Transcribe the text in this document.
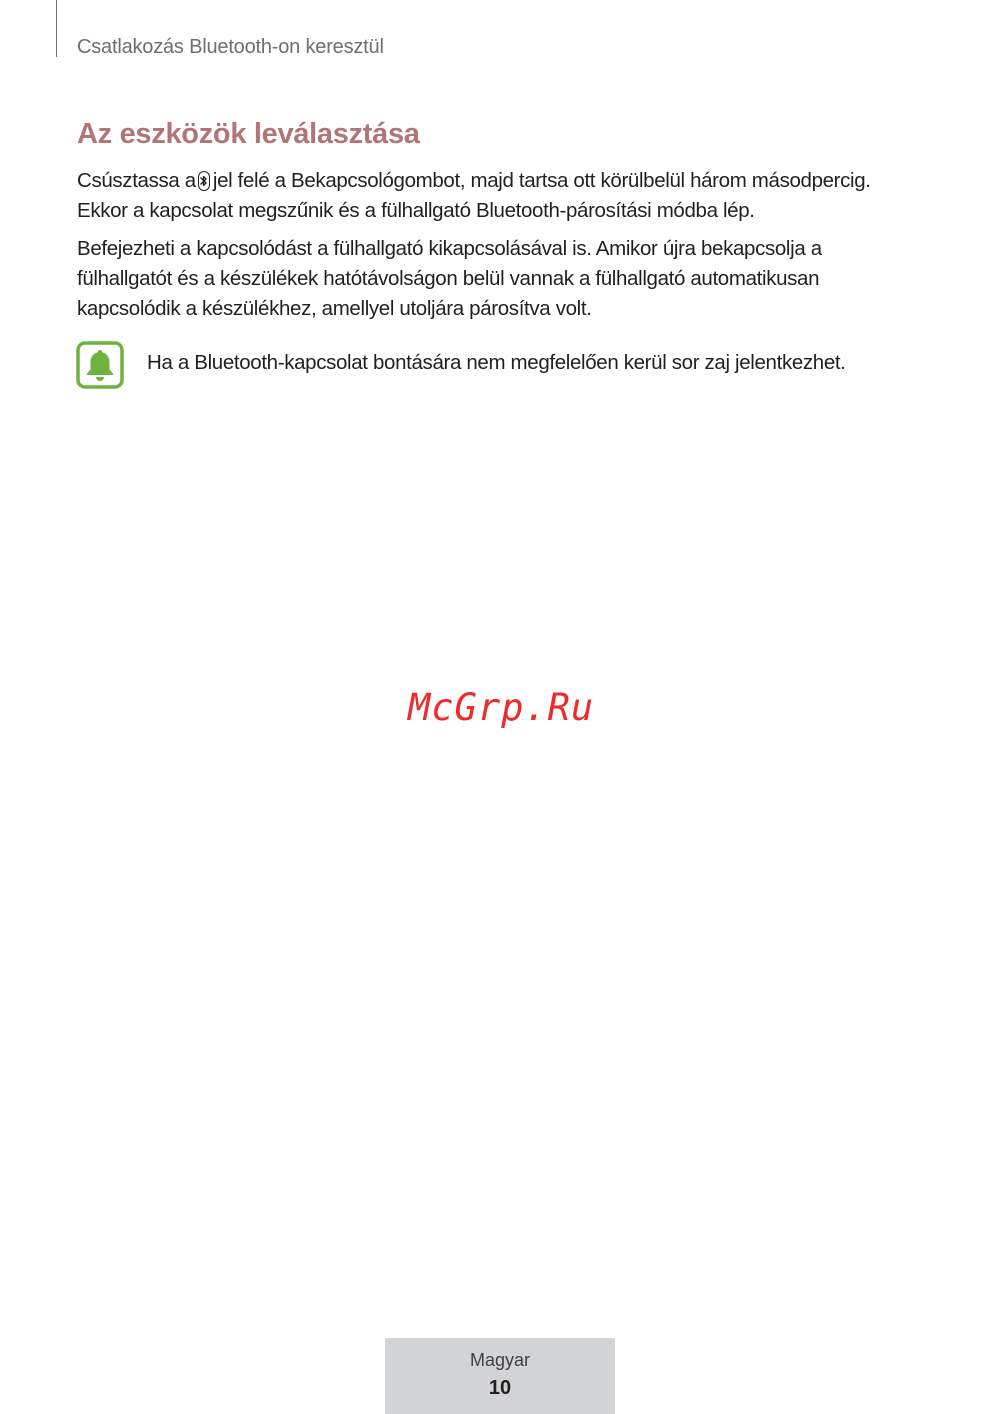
Csatlakozás Bluetooth-on keresztül
Az eszközök leválasztása
Csúsztassa a jel felé a Bekapcsológombot, majd tartsa ott körülbelül három másodpercig.
Ekkor a kapcsolat megszűnik és a fülhallgató Bluetooth-párosítási módba lép.
Befejezheti a kapcsolódást a fülhallgató kikapcsolásával is. Amikor újra bekapcsolja a
fülhallgatót és a készülékek hatótávolságon belül vannak a fülhallgató automatikusan
kapcsolódik a készülékhez, amellyel utoljára párosítva volt.
Ha a Bluetooth-kapcsolat bontására nem megfelelően kerül sor zaj jelentkezhet.
McGrp.Ru
Magyar
10
